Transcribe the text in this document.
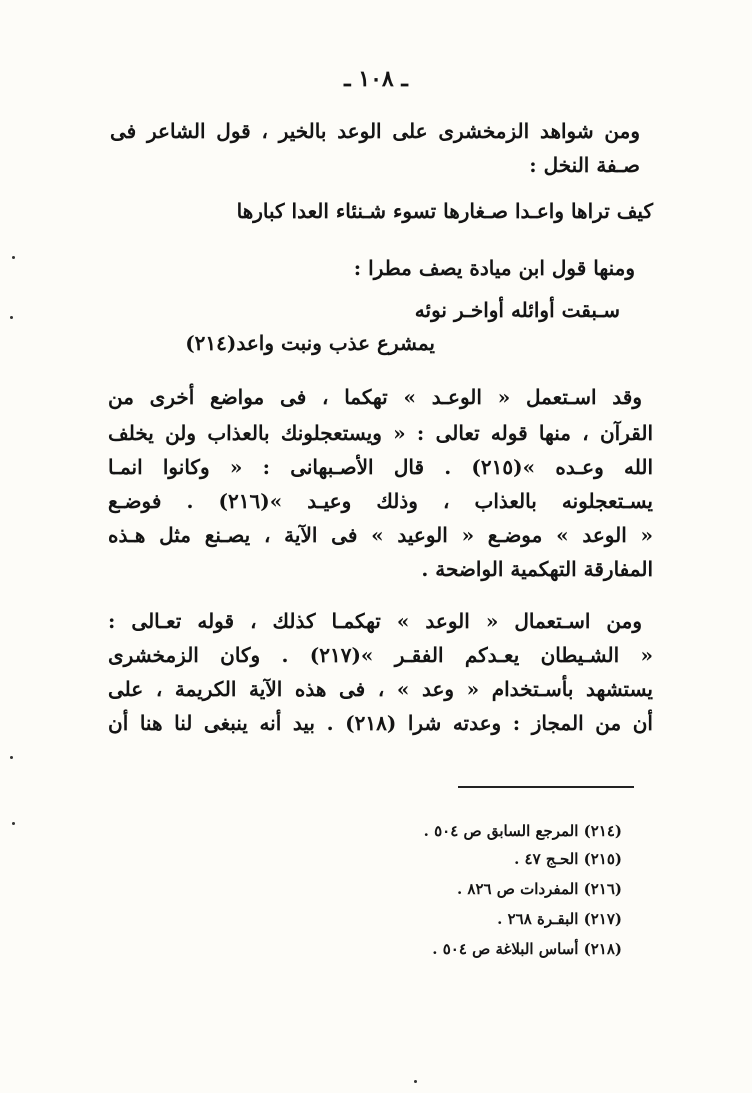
ـ ١٠٨ ـ
ومن شواهد الزمخشرى على الوعد بالخير ، قول الشاعر فى
صـفة النخل :
كيف تراها واعـدا صـغارها تسوء شـنئاء العدا كبارها
ومنها قول ابن ميادة يصف مطرا :
سـبقت أوائله أواخـر نوئه
يمشرع عذب ونبت واعد(٢١٤)
وقد اسـتعمل « الوعـد » تهكما ، فى مواضع أخرى من
القرآن ، منها قوله تعالى : « ويستعجلونك بالعذاب ولن يخلف
الله وعـده »(٢١٥) . قال الأصـبهانى : « وكانوا انمـا
يسـتعجلونه بالعذاب ، وذلك وعيـد »(٢١٦) . فوضـع
« الوعد » موضـع « الوعيد » فى الآية ، يصـنع مثل هـذه
المفارقة التهكمية الواضحة .
ومن اسـتعمال « الوعد » تهكمـا كذلك ، قوله تعـالى :
« الشـيطان يعـدكم الفقـر »(٢١٧) . وكان الزمخشرى
يستشهد بأسـتخدام « وعد » ، فى هذه الآية الكريمة ، على
أن من المجاز : وعدته شرا (٢١٨) . بيد أنه ينبغى لنا هنا أن
(٢١٤) المرجع السابق ص ٥٠٤ .
(٢١٥) الحـج ٤٧ .
(٢١٦) المفردات ص ٨٢٦ .
(٢١٧) البقـرة ٢٦٨ .
(٢١٨) أساس البلاغة ص ٥٠٤ .
